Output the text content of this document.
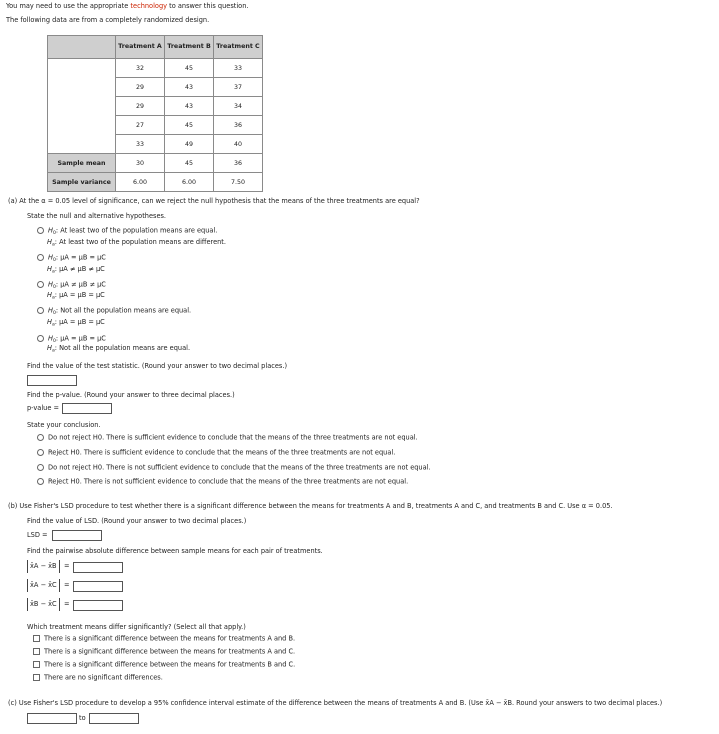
You may need to use the appropriate technology to answer this question.
The following data are from a completely randomized design.
	Treatment A	Treatment B	Treatment C
	32	45	33
	29	43	37
	29	43	34
	27	45	36
	33	49	40
Sample mean	30	45	36
Sample variance	6.00	6.00	7.50
(a) At the α = 0.05 level of significance, can we reject the null hypothesis that the means of the three treatments are equal?
State the null and alternative hypotheses.
$H_0$: At least two of the population means are equal.
$H_a$: At least two of the population means are different.
$H_0$: μA = μB = μC
$H_a$: μA ≠ μB ≠ μC
$H_0$: μA ≠ μB ≠ μC
$H_a$: μA = μB = μC
$H_0$: Not all the population means are equal.
$H_a$: μA = μB = μC
$H_0$: μA = μB = μC
$H_a$: Not all the population means are equal.
Find the value of the test statistic. (Round your answer to two decimal places.)
Find the p-value. (Round your answer to three decimal places.)
p-value =
State your conclusion.
Do not reject H0. There is sufficient evidence to conclude that the means of the three treatments are not equal.
Reject H0. There is sufficient evidence to conclude that the means of the three treatments are not equal.
Do not reject H0. There is not sufficient evidence to conclude that the means of the three treatments are not equal.
Reject H0. There is not sufficient evidence to conclude that the means of the three treatments are not equal.
(b) Use Fisher's LSD procedure to test whether there is a significant difference between the means for treatments A and B, treatments A and C, and treatments B and C. Use α = 0.05.
Find the value of LSD. (Round your answer to two decimal places.)
LSD =
Find the pairwise absolute difference between sample means for each pair of treatments.
x̄A − x̄B	=
x̄A − x̄C	=
x̄B − x̄C	=
Which treatment means differ significantly? (Select all that apply.)
There is a significant difference between the means for treatments A and B.
There is a significant difference between the means for treatments A and C.
There is a significant difference between the means for treatments B and C.
There are no significant differences.
(c) Use Fisher's LSD procedure to develop a 95% confidence interval estimate of the difference between the means of treatments A and B. (Use x̄A − x̄B. Round your answers to two decimal places.)
to
